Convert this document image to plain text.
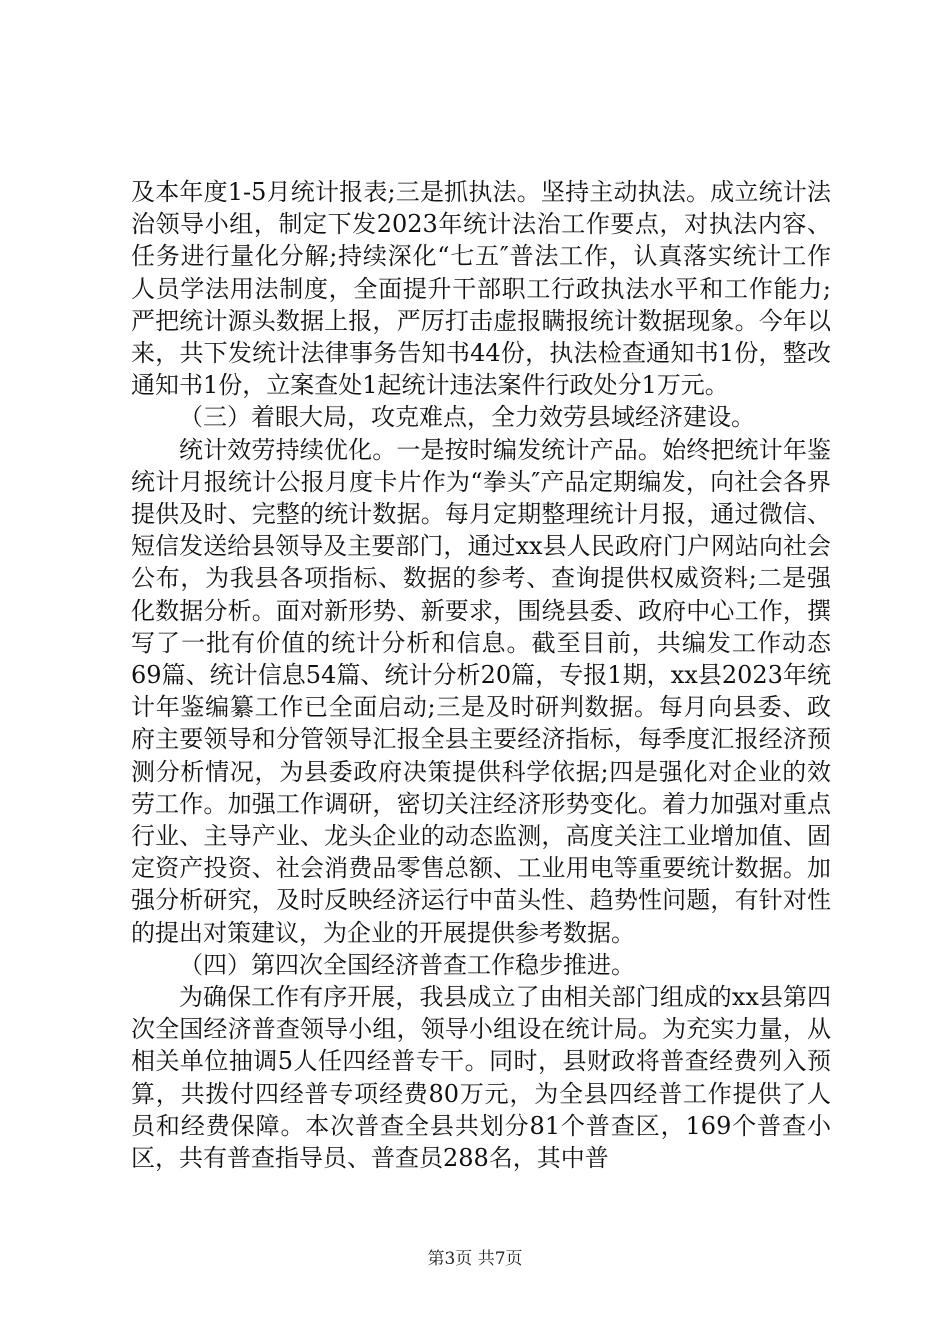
及本年度1-5月统计报表;三是抓执法。坚持主动执法。成立统计法治领导小组，制定下发2023年统计法治工作要点，对执法内容、任务进行量化分解;持续深化“七五″普法工作，认真落实统计工作人员学法用法制度，全面提升干部职工行政执法水平和工作能力;严把统计源头数据上报，严厉打击虚报瞒报统计数据现象。今年以来，共下发统计法律事务告知书44份，执法检查通知书1份，整改通知书1份，立案查处1起统计违法案件行政处分1万元。

（三）着眼大局，攻克难点，全力效劳县域经济建设。

统计效劳持续优化。一是按时编发统计产品。始终把统计年鉴统计月报统计公报月度卡片作为“拳头″产品定期编发，向社会各界提供及时、完整的统计数据。每月定期整理统计月报，通过微信、短信发送给县领导及主要部门，通过xx县人民政府门户网站向社会公布，为我县各项指标、数据的参考、查询提供权威资料;二是强化数据分析。面对新形势、新要求，围绕县委、政府中心工作，撰写了一批有价值的统计分析和信息。截至目前，共编发工作动态69篇、统计信息54篇、统计分析20篇，专报1期，xx县2023年统计年鉴编纂工作已全面启动;三是及时研判数据。每月向县委、政府主要领导和分管领导汇报全县主要经济指标，每季度汇报经济预测分析情况，为县委政府决策提供科学依据;四是强化对企业的效劳工作。加强工作调研，密切关注经济形势变化。着力加强对重点行业、主导产业、龙头企业的动态监测，高度关注工业增加值、固定资产投资、社会消费品零售总额、工业用电等重要统计数据。加强分析研究，及时反映经济运行中苗头性、趋势性问题，有针对性的提出对策建议，为企业的开展提供参考数据。

（四）第四次全国经济普查工作稳步推进。

为确保工作有序开展，我县成立了由相关部门组成的xx县第四次全国经济普查领导小组，领导小组设在统计局。为充实力量，从相关单位抽调5人任四经普专干。同时，县财政将普查经费列入预算，共拨付四经普专项经费80万元，为全县四经普工作提供了人员和经费保障。本次普查全县共划分81个普查区，169个普查小区，共有普查指导员、普查员288名，其中普

第3页 共7页
